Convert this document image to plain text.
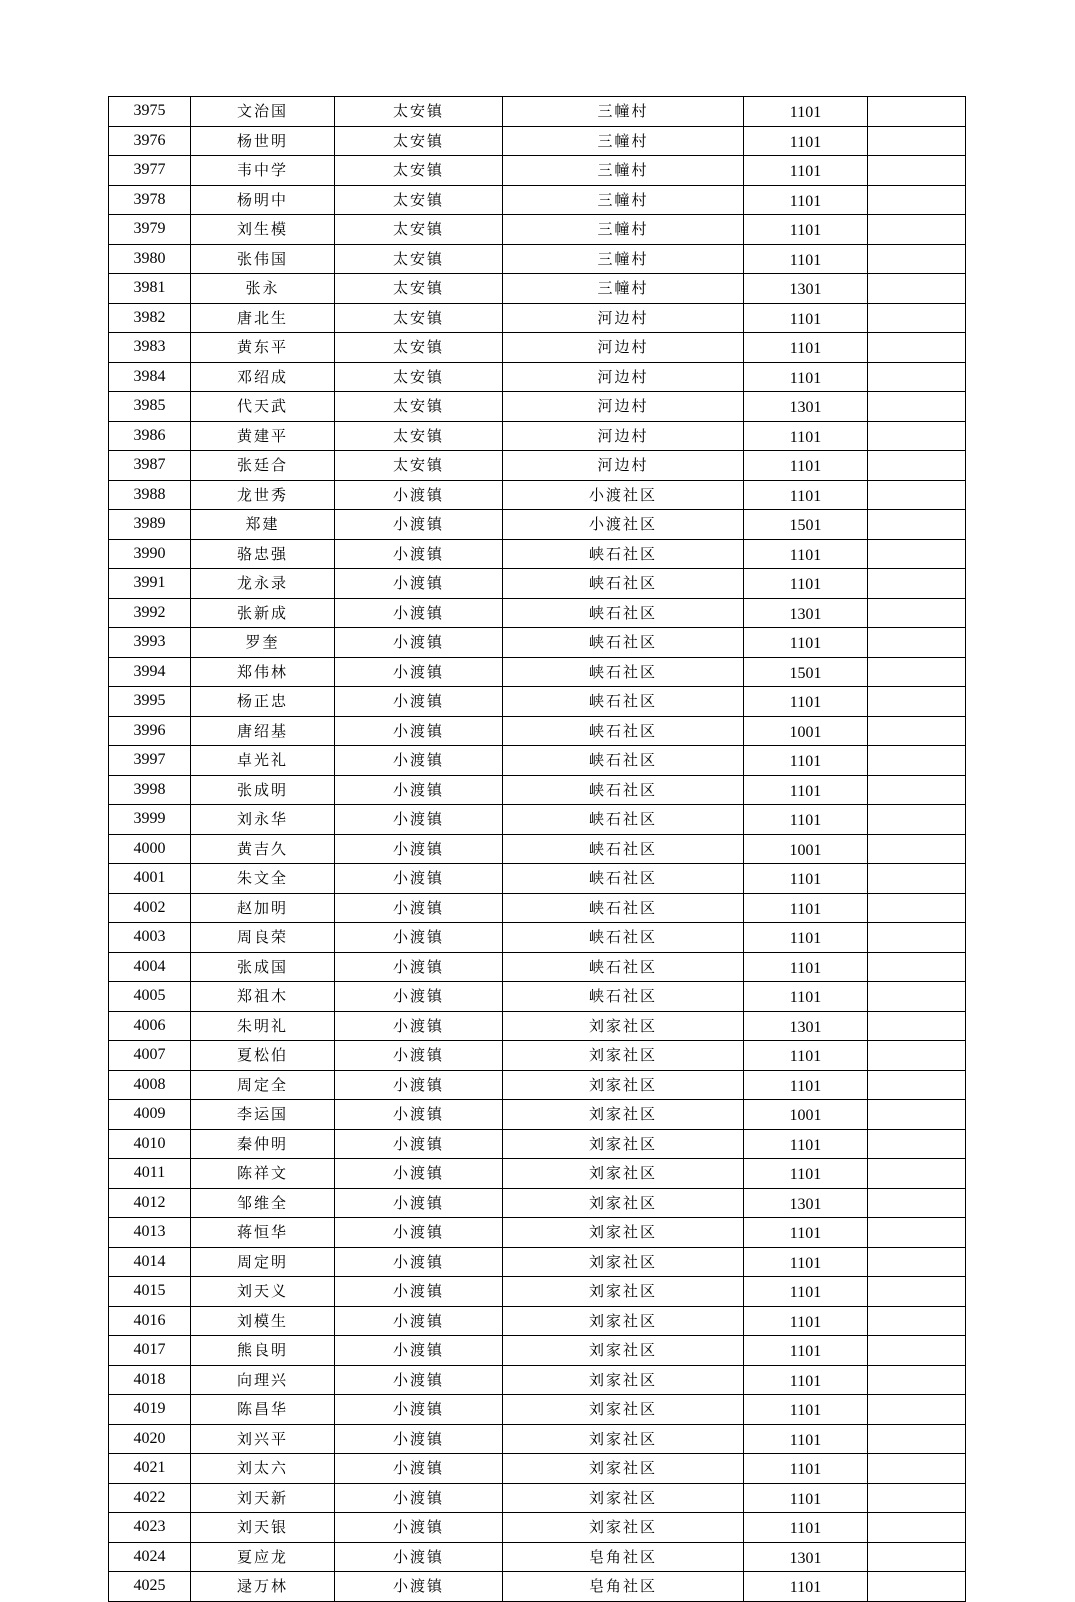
3975	文治国	太安镇	三幢村	1101	
3976	杨世明	太安镇	三幢村	1101	
3977	韦中学	太安镇	三幢村	1101	
3978	杨明中	太安镇	三幢村	1101	
3979	刘生模	太安镇	三幢村	1101	
3980	张伟国	太安镇	三幢村	1101	
3981	张永	太安镇	三幢村	1301	
3982	唐北生	太安镇	河边村	1101	
3983	黄东平	太安镇	河边村	1101	
3984	邓绍成	太安镇	河边村	1101	
3985	代天武	太安镇	河边村	1301	
3986	黄建平	太安镇	河边村	1101	
3987	张廷合	太安镇	河边村	1101	
3988	龙世秀	小渡镇	小渡社区	1101	
3989	郑建	小渡镇	小渡社区	1501	
3990	骆忠强	小渡镇	峡石社区	1101	
3991	龙永录	小渡镇	峡石社区	1101	
3992	张新成	小渡镇	峡石社区	1301	
3993	罗奎	小渡镇	峡石社区	1101	
3994	郑伟林	小渡镇	峡石社区	1501	
3995	杨正忠	小渡镇	峡石社区	1101	
3996	唐绍基	小渡镇	峡石社区	1001	
3997	卓光礼	小渡镇	峡石社区	1101	
3998	张成明	小渡镇	峡石社区	1101	
3999	刘永华	小渡镇	峡石社区	1101	
4000	黄吉久	小渡镇	峡石社区	1001	
4001	朱文全	小渡镇	峡石社区	1101	
4002	赵加明	小渡镇	峡石社区	1101	
4003	周良荣	小渡镇	峡石社区	1101	
4004	张成国	小渡镇	峡石社区	1101	
4005	郑祖木	小渡镇	峡石社区	1101	
4006	朱明礼	小渡镇	刘家社区	1301	
4007	夏松伯	小渡镇	刘家社区	1101	
4008	周定全	小渡镇	刘家社区	1101	
4009	李运国	小渡镇	刘家社区	1001	
4010	秦仲明	小渡镇	刘家社区	1101	
4011	陈祥文	小渡镇	刘家社区	1101	
4012	邹维全	小渡镇	刘家社区	1301	
4013	蒋恒华	小渡镇	刘家社区	1101	
4014	周定明	小渡镇	刘家社区	1101	
4015	刘天义	小渡镇	刘家社区	1101	
4016	刘模生	小渡镇	刘家社区	1101	
4017	熊良明	小渡镇	刘家社区	1101	
4018	向理兴	小渡镇	刘家社区	1101	
4019	陈昌华	小渡镇	刘家社区	1101	
4020	刘兴平	小渡镇	刘家社区	1101	
4021	刘太六	小渡镇	刘家社区	1101	
4022	刘天新	小渡镇	刘家社区	1101	
4023	刘天银	小渡镇	刘家社区	1101	
4024	夏应龙	小渡镇	皂角社区	1301	
4025	逯万林	小渡镇	皂角社区	1101	
